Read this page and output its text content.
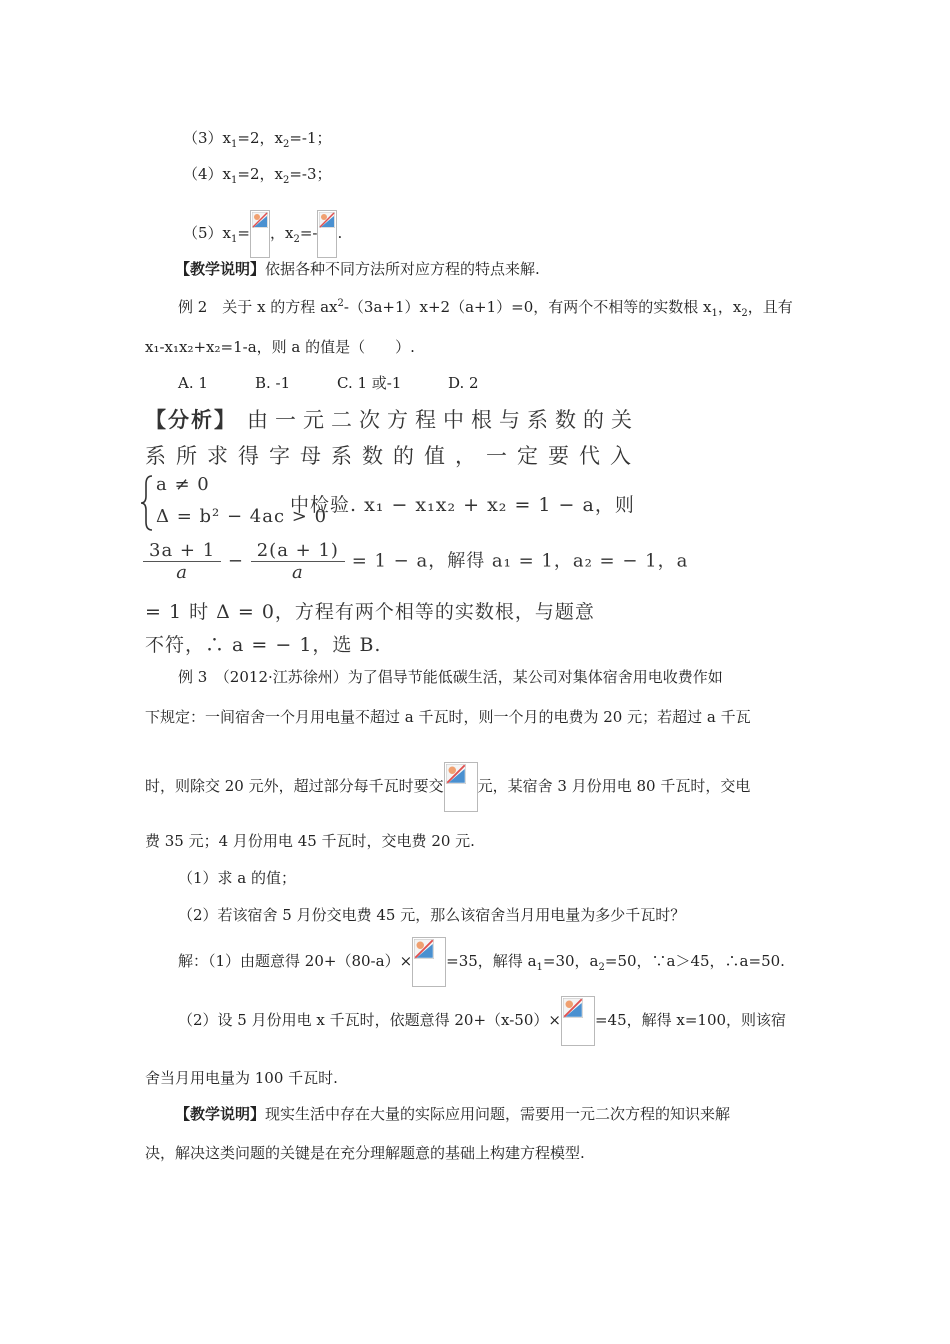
$(3)x_1=2$，$x_2=-1$；
$(4)x_1=2$，$x_2=-3$；
$(5)x_1=$ ，$x_2=-$ .
【教学说明】依据各种不同方法所对应方程的特点来解.
例 2　关于 x 的方程 $ax^2-(3a+1)x+2(a+1)=0$，有两个不相等的实数根 $x_1$，$x_2$，且有
x₁-x₁x₂+x₂=1-a，则 a 的值是（　　）.
A. 1	B. -1	C. 1 或-1	D. 2
【分析】 由一元二次方程中根与系数的关
系所求得字母系数的值，一定要代入
a ≠ 0
Δ = b² − 4ac > 0
中检验. x₁ − x₁x₂ + x₂ = 1 − a，则
$\frac{3a + 1}{a} - \frac{2(a + 1)}{a} = 1 - a$，解得 a₁ = 1，a₂ = − 1，a
= 1 时 Δ = 0，方程有两个相等的实数根，与题意
不符，∴ a = − 1，选 B.
例 3　（2012·江苏徐州）为了倡导节能低碳生活，某公司对集体宿舍用电收费作如
下规定：一间宿舍一个月用电量不超过 a 千瓦时，则一个月的电费为 20 元；若超过 a 千瓦
时，则除交 20 元外，超过部分每千瓦时要交 元，某宿舍 3 月份用电 80 千瓦时，交电
费 35 元；4 月份用电 45 千瓦时，交电费 20 元.
（1）求 a 的值；
（2）若该宿舍 5 月份交电费 45 元，那么该宿舍当月用电量为多少千瓦时？
解：（1）由题意得 20+（80-a）× =35，解得 $a_1=30$，$a_2=50$，∵a＞45，∴a=50.
（2）设 5 月份用电 x 千瓦时，依题意得 20+（x-50）× =45，解得 x=100，则该宿
舍当月用电量为 100 千瓦时.
【教学说明】现实生活中存在大量的实际应用问题，需要用一元二次方程的知识来解
决，解决这类问题的关键是在充分理解题意的基础上构建方程模型.
